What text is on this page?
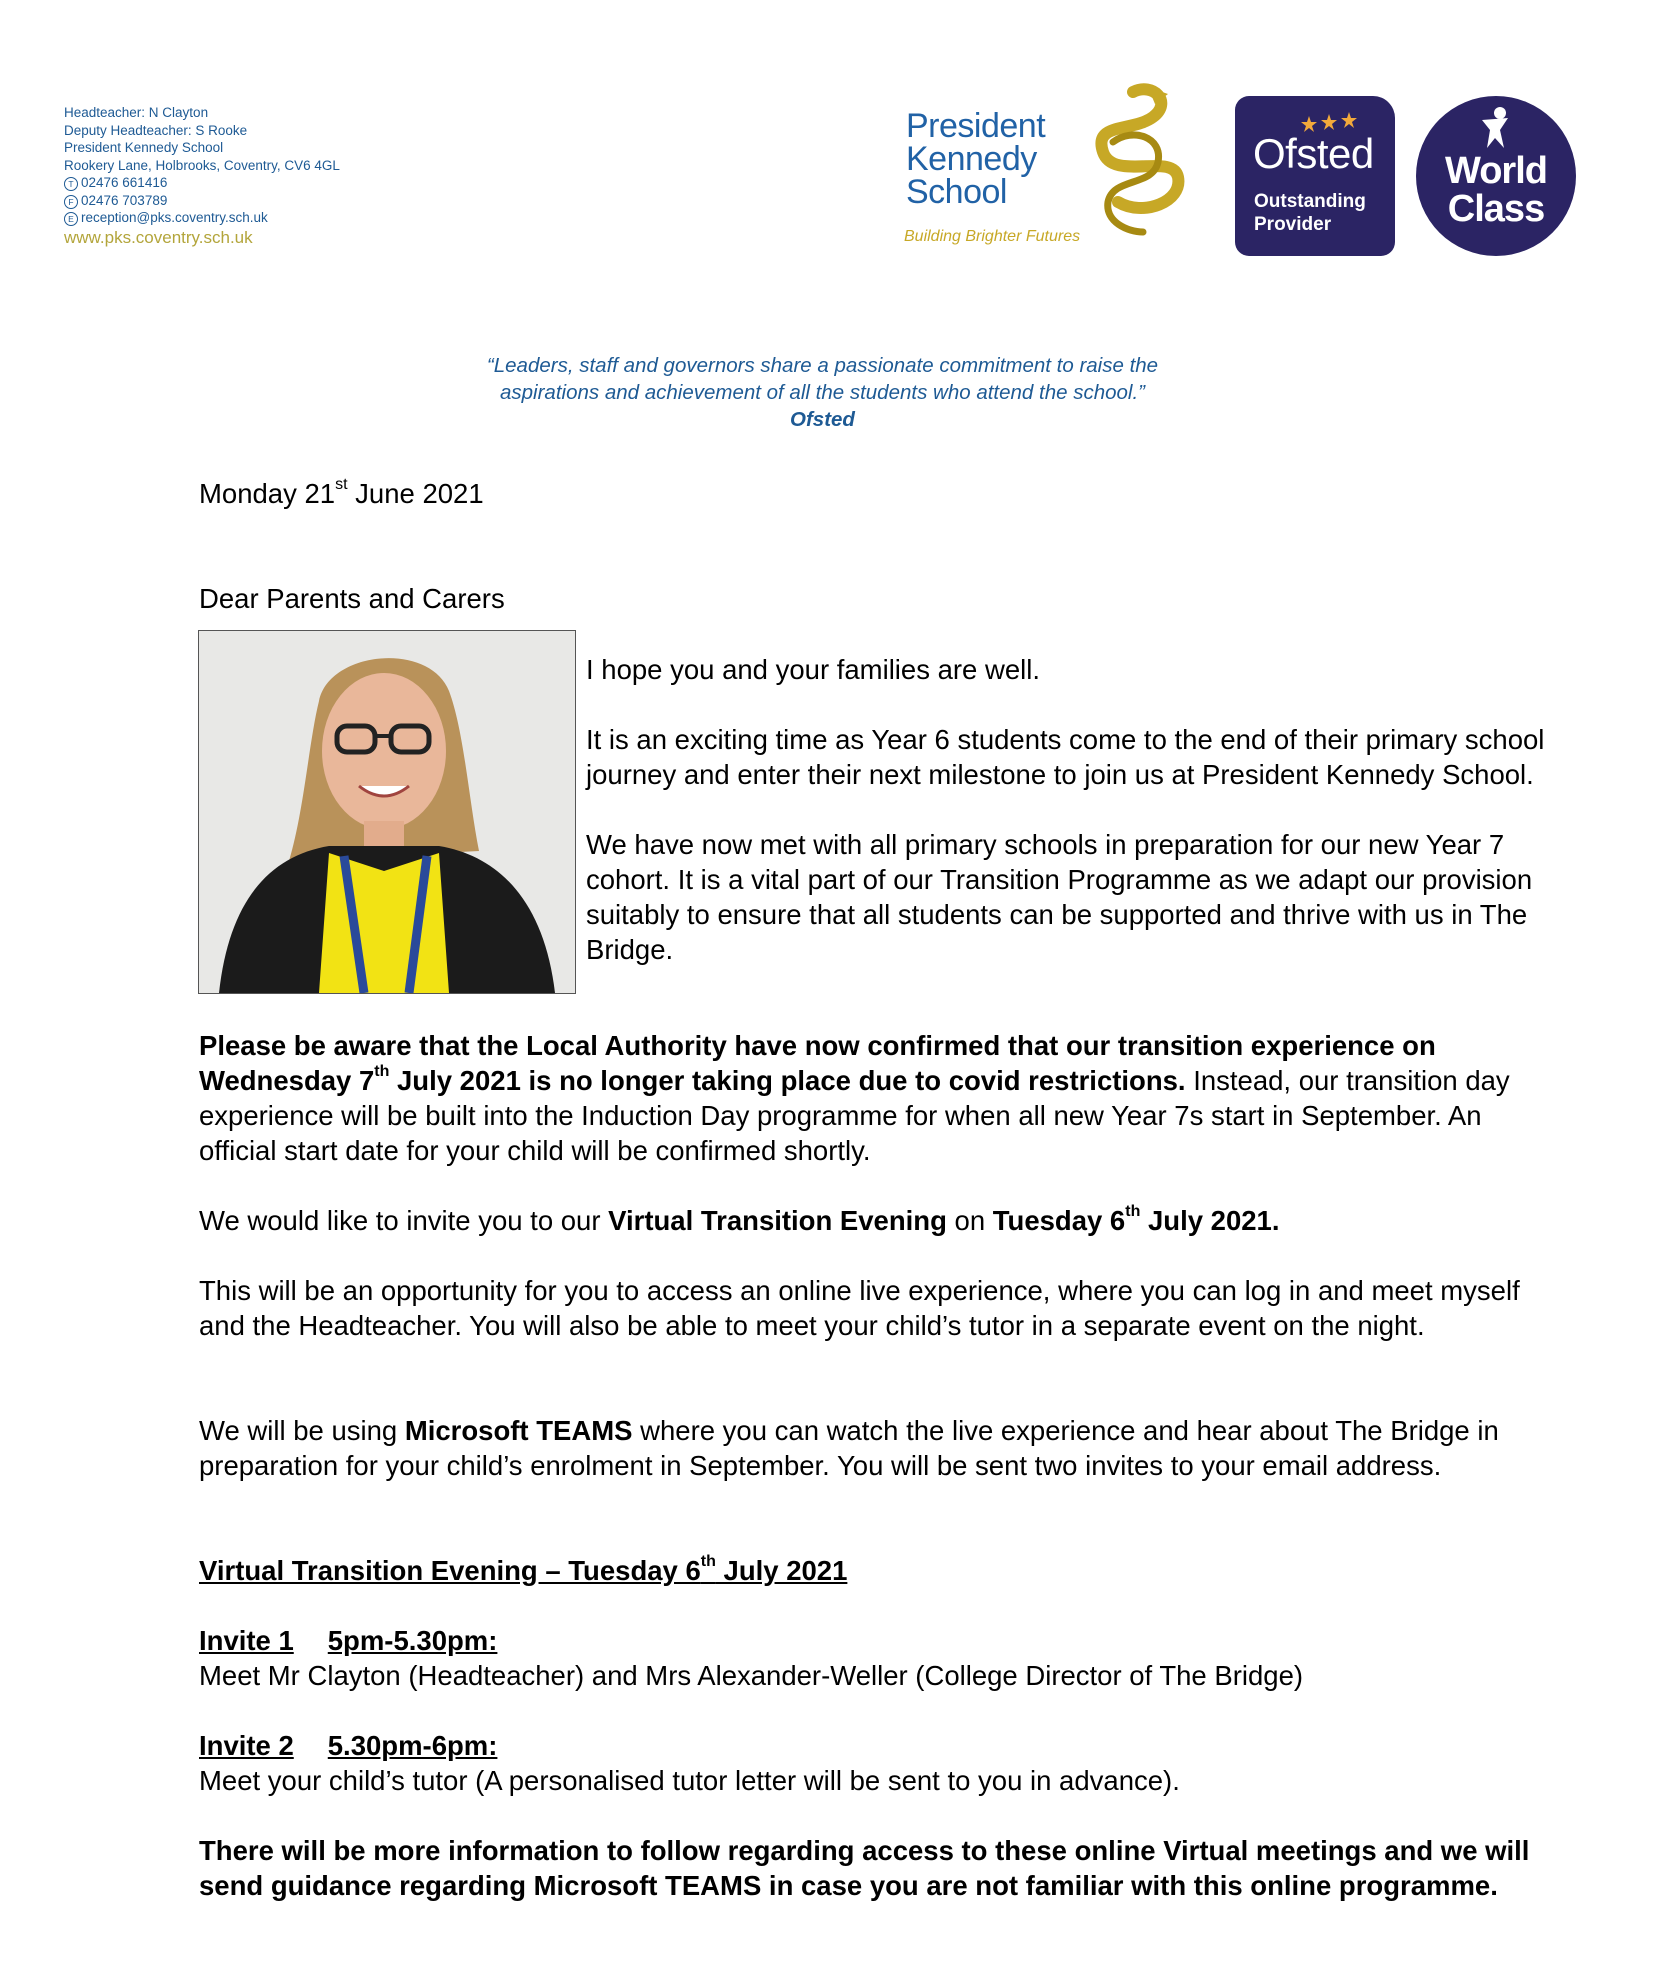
Headteacher: N Clayton
Deputy Headteacher: S Rooke
President Kennedy School
Rookery Lane, Holbrooks, Coventry, CV6 4GL
T 02476 661416
F 02476 703789
E reception@pks.coventry.sch.uk
www.pks.coventry.sch.uk
President
Kennedy
School
Building Brighter Futures
Ofsted
Outstanding
Provider
World
Class
“Leaders, staff and governors share a passionate commitment to raise the
aspirations and achievement of all the students who attend the school.”
Ofsted
Monday 21st June 2021
Dear Parents and Carers

I hope you and your families are well.

It is an exciting time as Year 6 students come to the end of their primary school journey and enter their next milestone to join us at President Kennedy School.

We have now met with all primary schools in preparation for our new Year 7 cohort. It is a vital part of our Transition Programme as we adapt our provision suitably to ensure that all students can be supported and thrive with us in The Bridge.

Please be aware that the Local Authority have now confirmed that our transition experience on Wednesday 7th July 2021 is no longer taking place due to covid restrictions. Instead, our transition day experience will be built into the Induction Day programme for when all new Year 7s start in September. An official start date for your child will be confirmed shortly.

We would like to invite you to our Virtual Transition Evening on Tuesday 6th July 2021.

This will be an opportunity for you to access an online live experience, where you can log in and meet myself and the Headteacher. You will also be able to meet your child’s tutor in a separate event on the night.

We will be using Microsoft TEAMS where you can watch the live experience and hear about The Bridge in preparation for your child’s enrolment in September. You will be sent two invites to your email address.

Virtual Transition Evening – Tuesday 6th July 2021
Invite 1 5pm-5.30pm:
Meet Mr Clayton (Headteacher) and Mrs Alexander-Weller (College Director of The Bridge)
Invite 2 5.30pm-6pm:
Meet your child’s tutor (A personalised tutor letter will be sent to you in advance).
There will be more information to follow regarding access to these online Virtual meetings and we will send guidance regarding Microsoft TEAMS in case you are not familiar with this online programme.
